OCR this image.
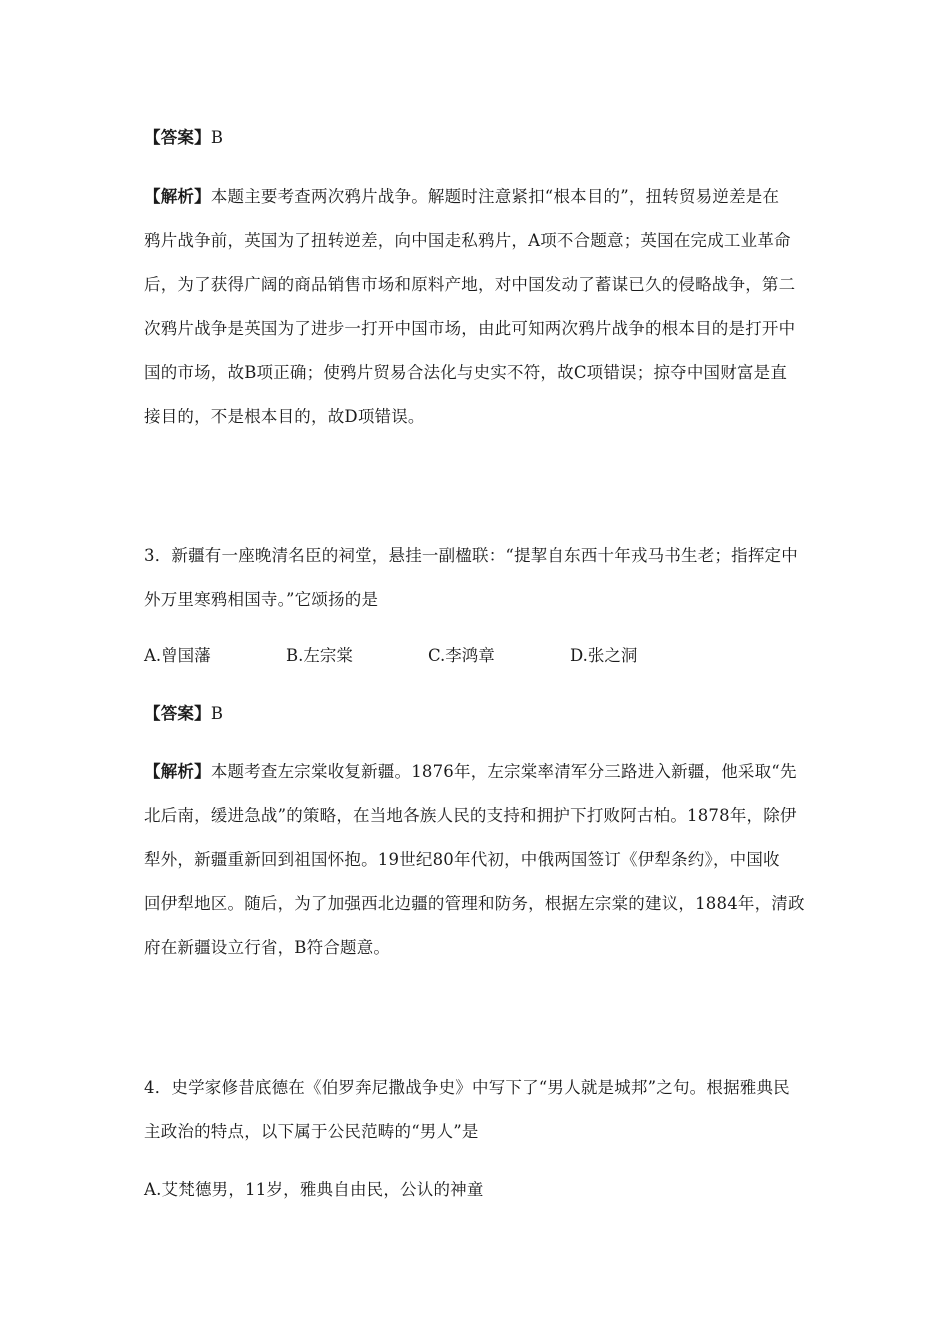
【答案】B
【解析】本题主要考查两次鸦片战争。解题时注意紧扣“根本目的”，扭转贸易逆差是在
鸦片战争前，英国为了扭转逆差，向中国走私鸦片，A项不合题意；英国在完成工业革命
后，为了获得广阔的商品销售市场和原料产地，对中国发动了蓄谋已久的侵略战争，第二
次鸦片战争是英国为了进步一打开中国市场，由此可知两次鸦片战争的根本目的是打开中
国的市场，故B项正确；使鸦片贸易合法化与史实不符，故C项错误；掠夺中国财富是直
接目的，不是根本目的，故D项错误。
3．新疆有一座晚清名臣的祠堂，悬挂一副楹联：“提挈自东西十年戎马书生老；指挥定中
外万里寒鸦相国寺。”它颂扬的是
A.曾国藩	B.左宗棠	C.李鸿章	D.张之洞
【答案】B
【解析】本题考查左宗棠收复新疆。1876年，左宗棠率清军分三路进入新疆，他采取“先
北后南，缓进急战”的策略，在当地各族人民的支持和拥护下打败阿古柏。1878年，除伊
犁外，新疆重新回到祖国怀抱。19世纪80年代初，中俄两国签订《伊犁条约》，中国收
回伊犁地区。随后，为了加强西北边疆的管理和防务，根据左宗棠的建议，1884年，清政
府在新疆设立行省，B符合题意。
4．史学家修昔底德在《伯罗奔尼撒战争史》中写下了“男人就是城邦”之句。根据雅典民
主政治的特点，以下属于公民范畴的“男人”是
A.艾梵德男，11岁，雅典自由民，公认的神童
